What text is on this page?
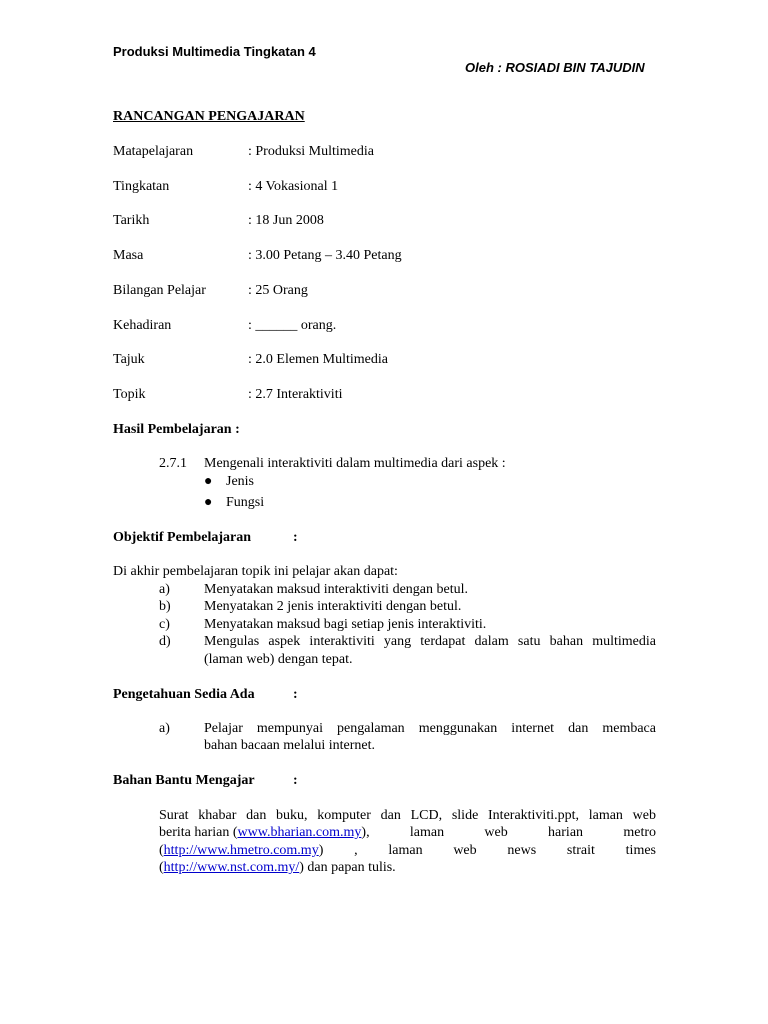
Produksi Multimedia Tingkatan 4
Oleh : ROSIADI BIN TAJUDIN
RANCANGAN PENGAJARAN
Matapelajaran	: Produksi Multimedia
Tingkatan	: 4 Vokasional 1
Tarikh	: 18 Jun 2008
Masa	: 3.00 Petang – 3.40 Petang
Bilangan Pelajar	: 25 Orang
Kehadiran	: ______ orang.
Tajuk	: 2.0 Elemen Multimedia
Topik	: 2.7 Interaktiviti
Hasil Pembelajaran :
2.7.1 Mengenali interaktiviti dalam multimedia dari aspek :
● Jenis
● Fungsi
Objektif Pembelajaran	:
Di akhir pembelajaran topik ini pelajar akan dapat:
a) Menyatakan maksud interaktiviti dengan betul.
b) Menyatakan 2 jenis interaktiviti dengan betul.
c) Menyatakan maksud bagi setiap jenis interaktiviti.
d) Mengulas aspek interaktiviti yang terdapat dalam satu bahan multimedia
(laman web) dengan tepat.
Pengetahuan Sedia Ada	:
a) Pelajar mempunyai pengalaman menggunakan internet dan membaca
bahan bacaan melalui internet.
Bahan Bantu Mengajar	:
Surat khabar dan buku, komputer dan LCD, slide Interaktiviti.ppt, laman web
berita harian ( www.bharian.com.my ), laman web harian metro
( http://www.hmetro.com.my ) , laman web news strait times
(http://www.nst.com.my/) dan papan tulis.
